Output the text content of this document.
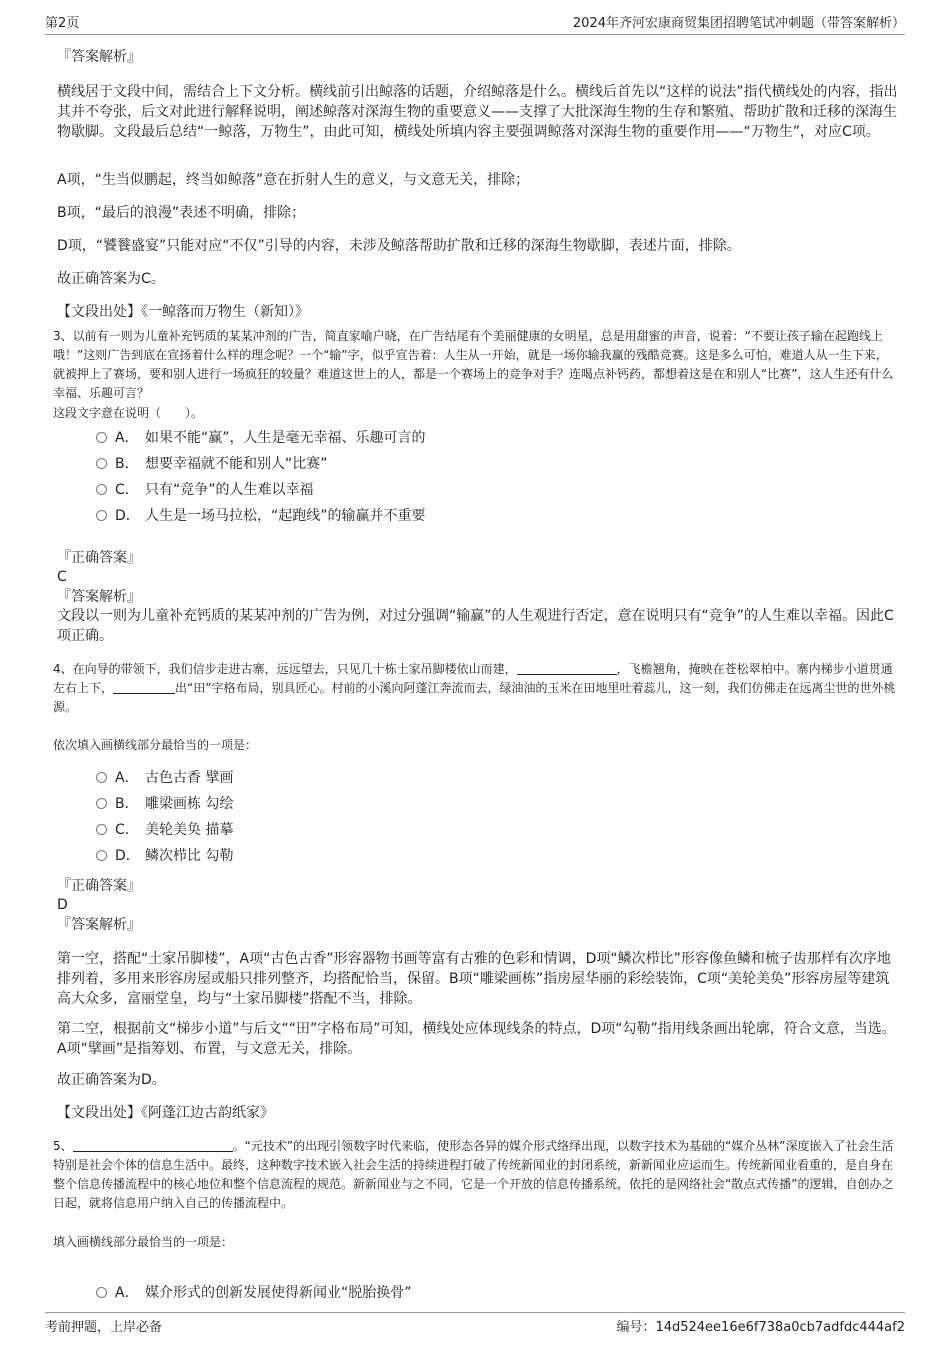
第2页	2024年齐河宏康商贸集团招聘笔试冲刺题（带答案解析）
『答案解析』
横线居于文段中间，需结合上下文分析。横线前引出鲸落的话题，介绍鲸落是什么。横线后首先以“这样的说法”指代横线处的内容，指出其并不夸张，后文对此进行解释说明，阐述鲸落对深海生物的重要意义——支撑了大批深海生物的生存和繁殖、帮助扩散和迁移的深海生物歇脚。文段最后总结“一鲸落，万物生”，由此可知，横线处所填内容主要强调鲸落对深海生物的重要作用——“万物生”，对应C项。
A项，“生当似鹏起，终当如鲸落”意在折射人生的意义，与文意无关，排除；
B项，“最后的浪漫”表述不明确，排除；
D项，“饕餮盛宴”只能对应“不仅”引导的内容，未涉及鲸落帮助扩散和迁移的深海生物歇脚，表述片面，排除。
故正确答案为C。
【文段出处】《一鲸落而万物生（新知）》
3、以前有一则为儿童补充钙质的某某冲剂的广告，简直家喻户晓，在广告结尾有个美丽健康的女明星，总是用甜蜜的声音，说着：“不要让孩子输在起跑线上哦！”这则广告到底在宣扬着什么样的理念呢？一个“输”字，似乎宣告着：人生从一开始，就是一场你输我赢的残酷竞赛。这是多么可怕，难道人从一生下来，就被押上了赛场，要和别人进行一场疯狂的较量？难道这世上的人，都是一个赛场上的竞争对手？连喝点补钙药，都想着这是在和别人“比赛”，这人生还有什么幸福、乐趣可言？
这段文字意在说明（　　）。
A． 如果不能“赢”，人生是毫无幸福、乐趣可言的
B． 想要幸福就不能和别人“比赛”
C． 只有“竞争”的人生难以幸福
D． 人生是一场马拉松，“起跑线”的输赢并不重要
『正确答案』
C
『答案解析』
文段以一则为儿童补充钙质的某某冲剂的广告为例，对过分强调“输赢”的人生观进行否定，意在说明只有“竞争”的人生难以幸福。因此C项正确。
4、在向导的带领下，我们信步走进古寨，远远望去，只见几十栋土家吊脚楼依山而建，	，飞檐翘角，掩映在苍松翠柏中。寨内梯步小道贯通左右上下，	出“田”字格布局，别具匠心。村前的小溪向阿蓬江奔流而去，绿油油的玉米在田地里吐着蕊儿，这一刻，我们仿佛走在远离尘世的世外桃源。
依次填入画横线部分最恰当的一项是：
A． 古色古香 擘画
B． 雕梁画栋 勾绘
C． 美轮美奂 描摹
D． 鳞次栉比 勾勒
『正确答案』
D
『答案解析』
第一空，搭配“土家吊脚楼”，A项“古色古香”形容器物书画等富有古雅的色彩和情调，D项“鳞次栉比”形容像鱼鳞和梳子齿那样有次序地排列着，多用来形容房屋或船只排列整齐，均搭配恰当，保留。B项“雕梁画栋”指房屋华丽的彩绘装饰，C项“美轮美奂”形容房屋等建筑高大众多，富丽堂皇，均与“土家吊脚楼”搭配不当，排除。
第二空，根据前文“梯步小道”与后文““田”字格布局”可知，横线处应体现线条的特点，D项“勾勒”指用线条画出轮廓，符合文意，当选。A项“擘画”是指筹划、布置，与文意无关，排除。
故正确答案为D。
【文段出处】《阿蓬江边古韵纸家》
5、	。“元技术”的出现引领数字时代来临，使形态各异的媒介形式络绎出现，以数字技术为基础的“媒介丛林”深度嵌入了社会生活特别是社会个体的信息生活中。最终，这种数字技术嵌入社会生活的持续进程打破了传统新闻业的封闭系统，新新闻业应运而生。传统新闻业看重的，是自身在整个信息传播流程中的核心地位和整个信息流程的规范。新新闻业与之不同，它是一个开放的信息传播系统，依托的是网络社会“散点式传播”的逻辑，自创办之日起，就将信息用户纳入自己的传播流程中。
填入画横线部分最恰当的一项是：
A． 媒介形式的创新发展使得新闻业“脱胎换骨”
考前押题，上岸必备	编号：14d524ee16e6f738a0cb7adfdc444af2
